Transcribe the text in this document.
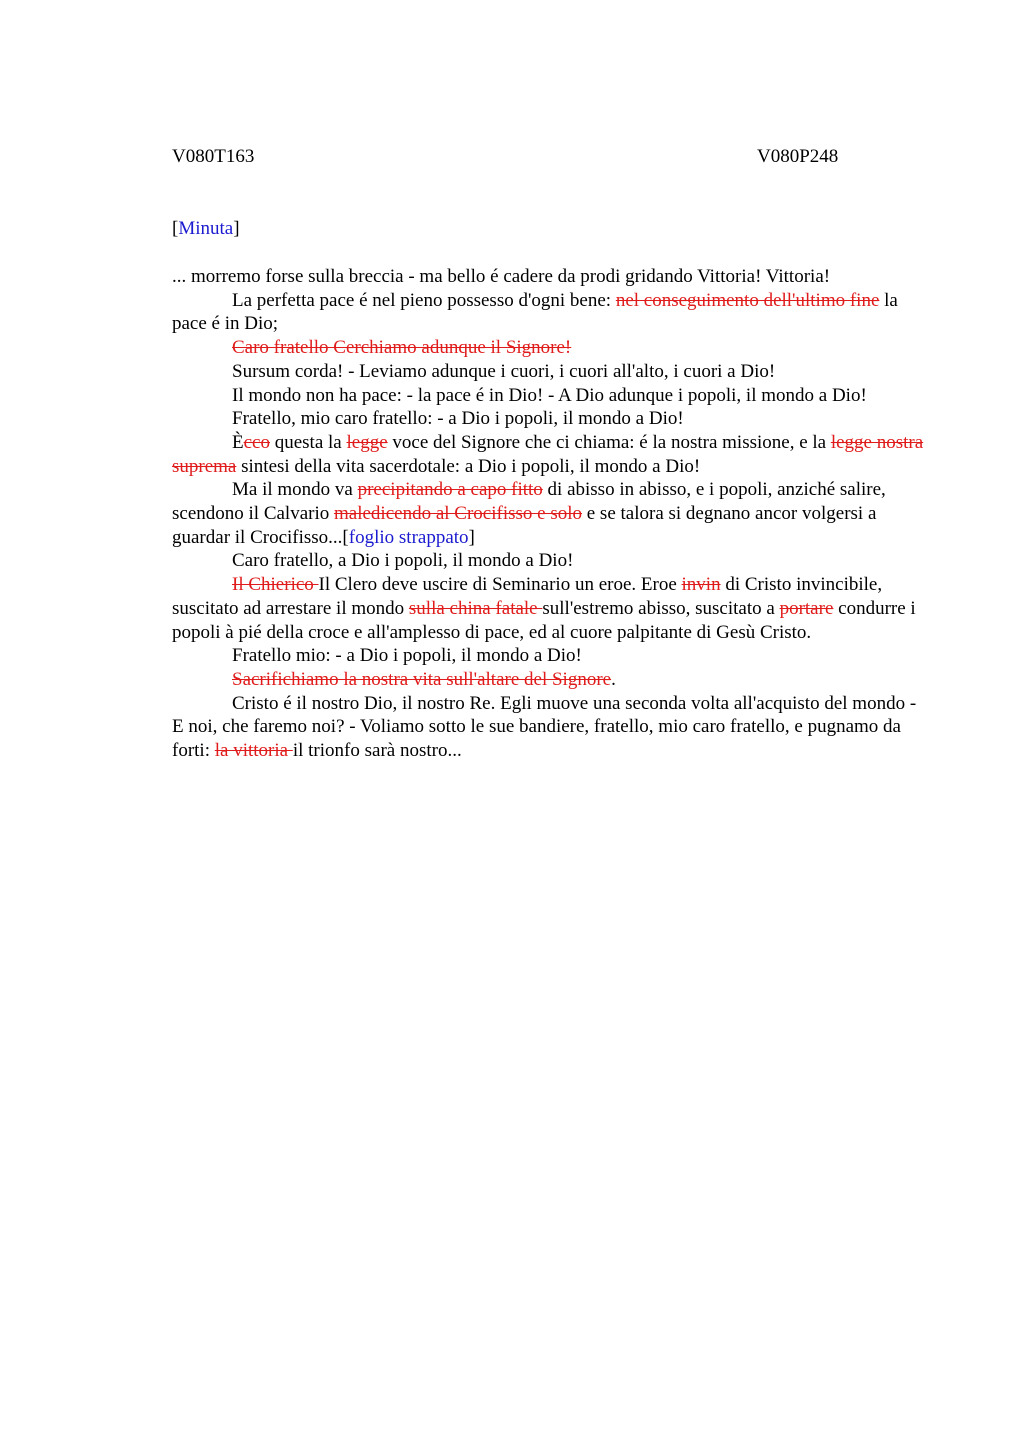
V080T163	V080P248
[Minuta]

... morremo forse sulla breccia - ma bello é cadere da prodi gridando Vittoria! Vittoria!

La perfetta pace é nel pieno possesso d'ogni bene: nel conseguimento dell'ultimo fine la pace é in Dio;

Caro fratello Cerchiamo adunque il Signore!

Sursum corda! - Leviamo adunque i cuori, i cuori all'alto, i cuori a Dio!

Il mondo non ha pace: - la pace é in Dio! - A Dio adunque i popoli, il mondo a Dio!

Fratello, mio caro fratello: - a Dio i popoli, il mondo a Dio!

Ècco questa la legge voce del Signore che ci chiama: é la nostra missione, e la legge nostra suprema sintesi della vita sacerdotale: a Dio i popoli, il mondo a Dio!

Ma il mondo va precipitando a capo fitto di abisso in abisso, e i popoli, anziché salire, scendono il Calvario maledicendo al Crocifisso e solo e se talora si degnano ancor volgersi a guardar il Crocifisso...[foglio strappato]

Caro fratello, a Dio i popoli, il mondo a Dio!

Il Chierico Il Clero deve uscire di Seminario un eroe. Eroe invin di Cristo invincibile, suscitato ad arrestare il mondo sulla china fatale sull'estremo abisso, suscitato a portare condurre i popoli à pié della croce e all'amplesso di pace, ed al cuore palpitante di Gesù Cristo.

Fratello mio: - a Dio i popoli, il mondo a Dio!

Sacrifichiamo la nostra vita sull'altare del Signore.

Cristo é il nostro Dio, il nostro Re. Egli muove una seconda volta all'acquisto del mondo - E noi, che faremo noi? - Voliamo sotto le sue bandiere, fratello, mio caro fratello, e pugnamo da forti: la vittoria il trionfo sarà nostro...
